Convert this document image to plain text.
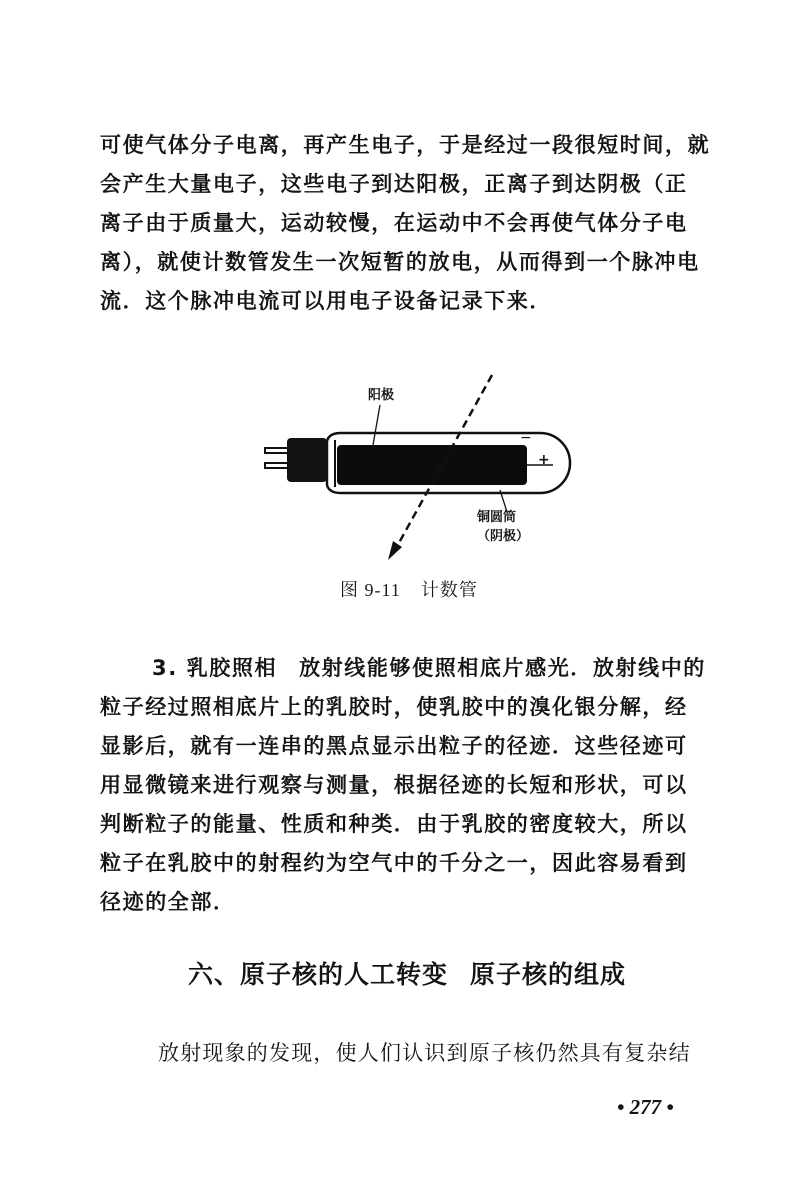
可使气体分子电离，再产生电子，于是经过一段很短时间，就
会产生大量电子，这些电子到达阳极，正离子到达阴极（正
离子由于质量大，运动较慢，在运动中不会再使气体分子电
离），就使计数管发生一次短暂的放电，从而得到一个脉冲电
流．这个脉冲电流可以用电子设备记录下来．

−
+
阳极
铜圆筒
（阴极）
图 9-11 计数管

3. 乳胶照相 放射线能够使照相底片感光．放射线中的
粒子经过照相底片上的乳胶时，使乳胶中的溴化银分解，经
显影后，就有一连串的黑点显示出粒子的径迹．这些径迹可
用显微镜来进行观察与测量，根据径迹的长短和形状，可以
判断粒子的能量、性质和种类．由于乳胶的密度较大，所以
粒子在乳胶中的射程约为空气中的千分之一，因此容易看到
径迹的全部．

六、原子核的人工转变 原子核的组成
放射现象的发现，使人们认识到原子核仍然具有复杂结
• 277 •
